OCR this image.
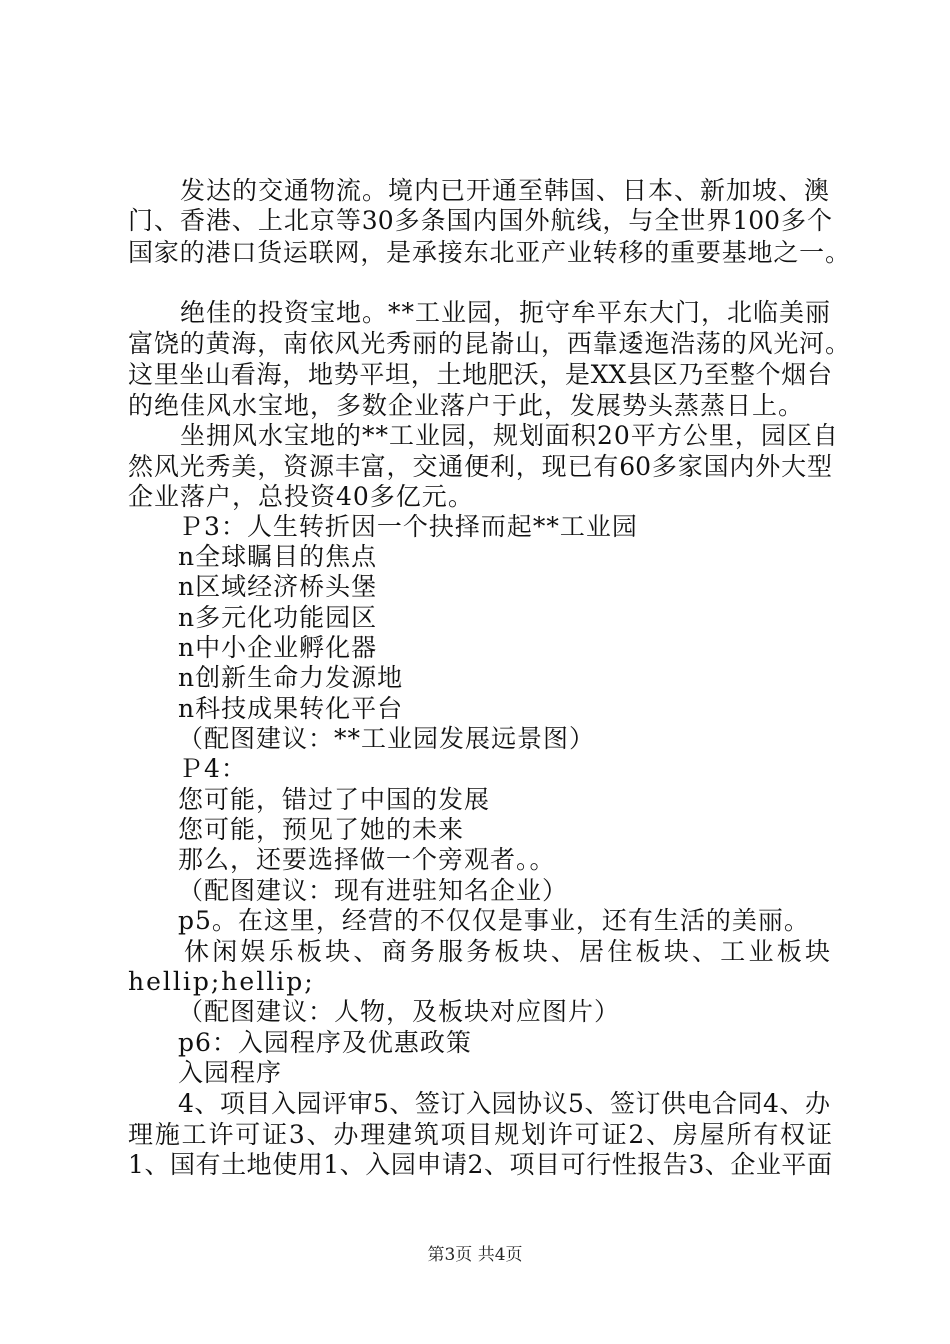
发达的交通物流。境内已开通至韩国、日本、新加坡、澳
门、香港、上北京等30多条国内国外航线，与全世界100多个
国家的港口货运联网，是承接东北亚产业转移的重要基地之一。
绝佳的投资宝地。**工业园，扼守牟平东大门，北临美丽
富饶的黄海，南依风光秀丽的昆嵛山，西靠逶迤浩荡的风光河。
这里坐山看海，地势平坦，土地肥沃，是XX县区乃至整个烟台
的绝佳风水宝地，多数企业落户于此，发展势头蒸蒸日上。
坐拥风水宝地的**工业园，规划面积20平方公里，园区自
然风光秀美，资源丰富，交通便利，现已有60多家国内外大型
企业落户，总投资40多亿元。
Ｐ3：人生转折因一个抉择而起**工业园
n全球瞩目的焦点
n区域经济桥头堡
n多元化功能园区
n中小企业孵化器
n创新生命力发源地
n科技成果转化平台
（配图建议：**工业园发展远景图）
Ｐ4：
您可能，错过了中国的发展
您可能，预见了她的未来
那么，还要选择做一个旁观者。。
（配图建议：现有进驻知名企业）
p5。在这里，经营的不仅仅是事业，还有生活的美丽。
休闲娱乐板块、商务服务板块、居住板块、工业板块
hellip;hellip;
（配图建议：人物，及板块对应图片）
p6：入园程序及优惠政策
入园程序
4、项目入园评审5、签订入园协议5、签订供电合同4、办
理施工许可证3、办理建筑项目规划许可证2、房屋所有权证
1、国有土地使用1、入园申请2、项目可行性报告3、企业平面
第3页 共4页
